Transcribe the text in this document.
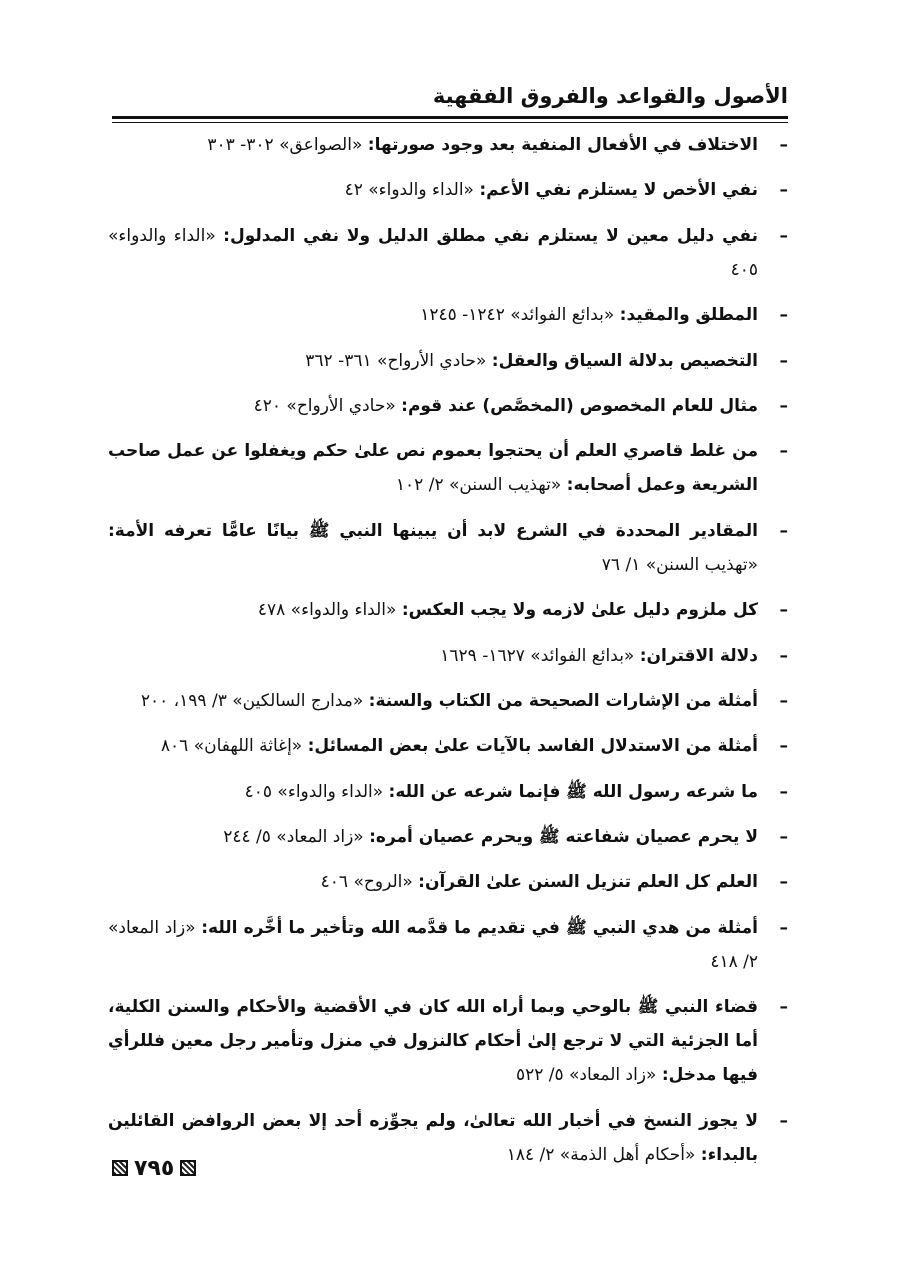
الأصول والقواعد والفروق الفقهية
– الاختلاف في الأفعال المنفية بعد وجود صورتها: «الصواعق» ٣٠٢- ٣٠٣
– نفي الأخص لا يستلزم نفي الأعم: «الداء والدواء» ٤٢
– نفي دليل معين لا يستلزم نفي مطلق الدليل ولا نفي المدلول: «الداء والدواء» ٤٠٥
– المطلق والمقيد: «بدائع الفوائد» ١٢٤٢- ١٢٤٥
– التخصيص بدلالة السياق والعقل: «حادي الأرواح» ٣٦١- ٣٦٢
– مثال للعام المخصوص (المخصَّص) عند قوم: «حادي الأرواح» ٤٢٠
– من غلط قاصري العلم أن يحتجوا بعموم نص علىٰ حكم ويغفلوا عن عمل صاحب الشريعة وعمل أصحابه: «تهذيب السنن» ٢/ ١٠٢
– المقادير المحددة في الشرع لابد أن يبينها النبي ﷺ بيانًا عامًّا تعرفه الأمة: «تهذيب السنن» ١/ ٧٦
– كل ملزوم دليل علىٰ لازمه ولا يجب العكس: «الداء والدواء» ٤٧٨
– دلالة الاقتران: «بدائع الفوائد» ١٦٢٧- ١٦٢٩
– أمثلة من الإشارات الصحيحة من الكتاب والسنة: «مدارج السالكين» ٣/ ١٩٩، ٢٠٠
– أمثلة من الاستدلال الفاسد بالآيات علىٰ بعض المسائل: «إغاثة اللهفان» ٨٠٦
– ما شرعه رسول الله ﷺ فإنما شرعه عن الله: «الداء والدواء» ٤٠٥
– لا يحرم عصيان شفاعته ﷺ ويحرم عصيان أمره: «زاد المعاد» ٥/ ٢٤٤
– العلم كل العلم تنزيل السنن علىٰ القرآن: «الروح» ٤٠٦
– أمثلة من هدي النبي ﷺ في تقديم ما قدَّمه الله وتأخير ما أخَّره الله: «زاد المعاد» ٢/ ٤١٨
– قضاء النبي ﷺ بالوحي وبما أراه الله كان في الأقضية والأحكام والسنن الكلية، أما الجزئية التي لا ترجع إلىٰ أحكام كالنزول في منزل وتأمير رجل معين فللرأي فيها مدخل: «زاد المعاد» ٥/ ٥٢٢
– لا يجوز النسخ في أخبار الله تعالىٰ، ولم يجوِّزه أحد إلا بعض الروافض القائلين بالبداء: «أحكام أهل الذمة» ٢/ ١٨٤
٧٩٥
